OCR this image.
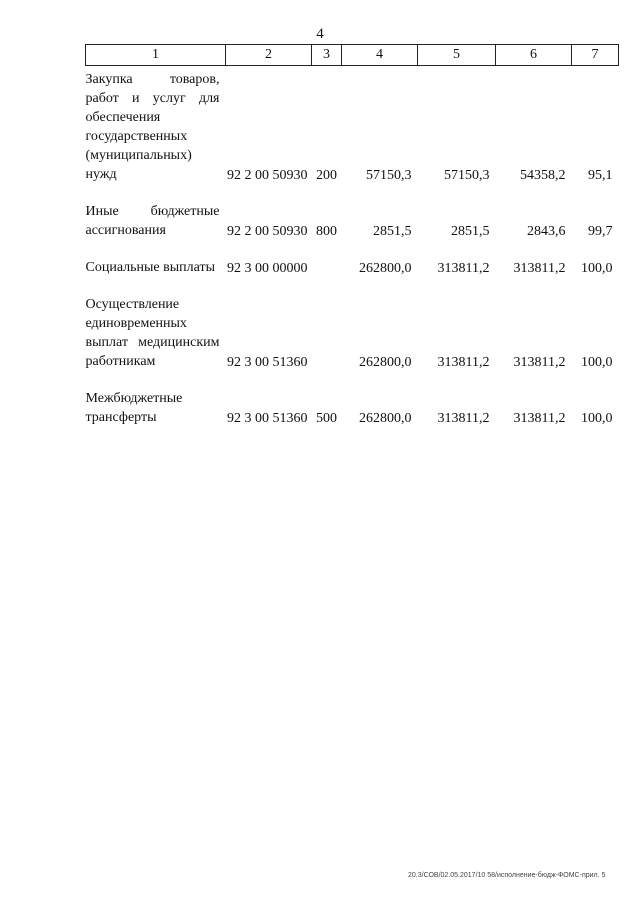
4
1	2	3	4	5	6	7
Закупка товаров, работ и услуг для обеспечения государственных (муниципальных) нужд	92 2 00 50930	200	57150,3	57150,3	54358,2	95,1

Иные бюджетные ассигнования	92 2 00 50930	800	2851,5	2851,5	2843,6	99,7

Социальные выплаты	92 3 00 00000		262800,0	313811,2	313811,2	100,0

Осуществление единовременных выплат медицинским работникам	92 3 00 51360		262800,0	313811,2	313811,2	100,0

Межбюджетные трансферты	92 3 00 51360	500	262800,0	313811,2	313811,2	100,0
20.3/СОВ/02.05.2017/10 58/исполнение-бюдж-ФОМС-прил. 5
